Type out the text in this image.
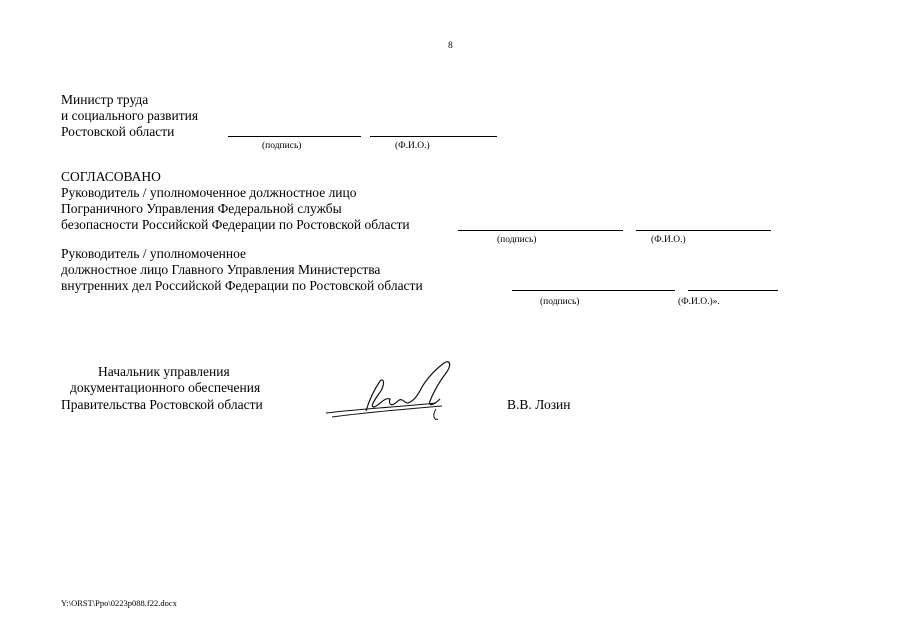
8
Министр труда
и социального развития
Ростовской области
(подпись)	(Ф.И.О.)
СОГЛАСОВАНО
Руководитель / уполномоченное должностное лицо
Пограничного Управления Федеральной службы
безопасности Российской Федерации по Ростовской области
(подпись)	(Ф.И.О.)
Руководитель / уполномоченное
должностное лицо Главного Управления Министерства
внутренних дел Российской Федерации по Ростовской области
(подпись)	(Ф.И.О.)».
Начальник управления
документационного обеспечения
Правительства Ростовской области	В.В. Лозин
Y:\ORST\Ppo\0223p088.f22.docx
